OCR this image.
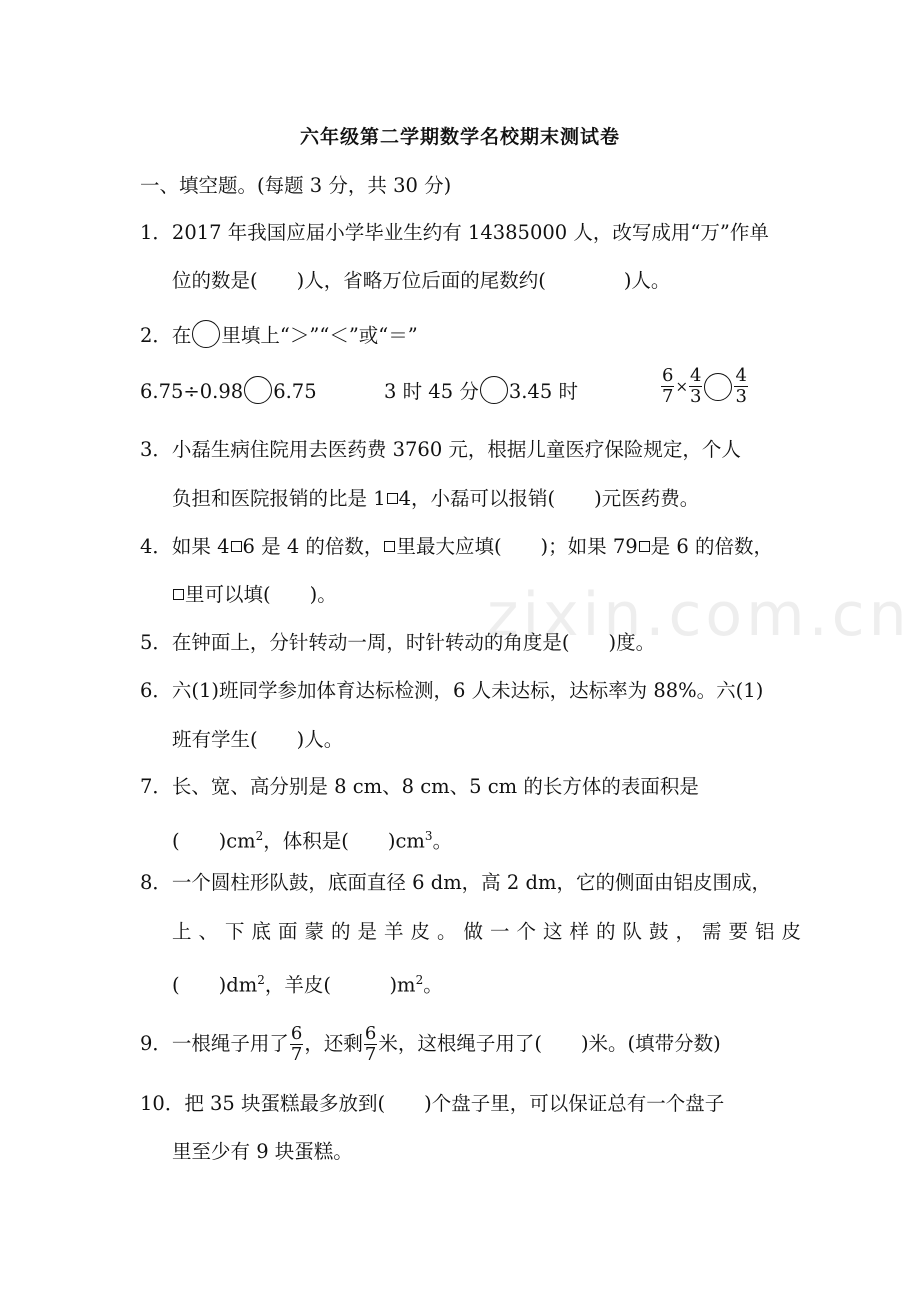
六年级第二学期数学名校期末测试卷
一、填空题。(每题 3 分，共 30 分)
1．2017 年我国应届小学毕业生约有 14385000 人，改写成用“万”作单
位的数是(　　)人，省略万位后面的尾数约(　　　　)人。
2．在 里填上“＞”“＜”或“＝”
6.75÷0.98 6.75	3 时 45 分 3.45 时	$\frac{6}{7} \times \frac{4}{3} \frac{4}{3}$
3．小磊生病住院用去医药费 3760 元，根据儿童医疗保险规定，个人
负担和医院报销的比是 1 4，小磊可以报销(　　)元医药费。
4．如果 4 6 是 4 的倍数， 里最大应填(　　)；如果 79 是 6 的倍数，
里可以填(　　)。
5．在钟面上，分针转动一周，时针转动的角度是(　　)度。
6．六(1)班同学参加体育达标检测，6 人未达标，达标率为 88%。六(1)
班有学生(　　)人。
7．长、宽、高分别是 8 cm、8 cm、5 cm 的长方体的表面积是
(　　)$cm^2$，体积是(　　)$cm^3$。
8．一个圆柱形队鼓，底面直径 6 dm，高 2 dm，它的侧面由铝皮围成，
上、下底面蒙的是羊皮。做一个这样的队鼓，需要铝皮
(　　)$dm^2$，羊皮(　　　)$m^2$。
9．一根绳子用了 $\frac{6}{7}$ ，还剩 $\frac{6}{7}$ 米，这根绳子用了(　　)米。(填带分数)
10．把 35 块蛋糕最多放到(　　)个盘子里，可以保证总有一个盘子
里至少有 9 块蛋糕。
zixin.com.cn
